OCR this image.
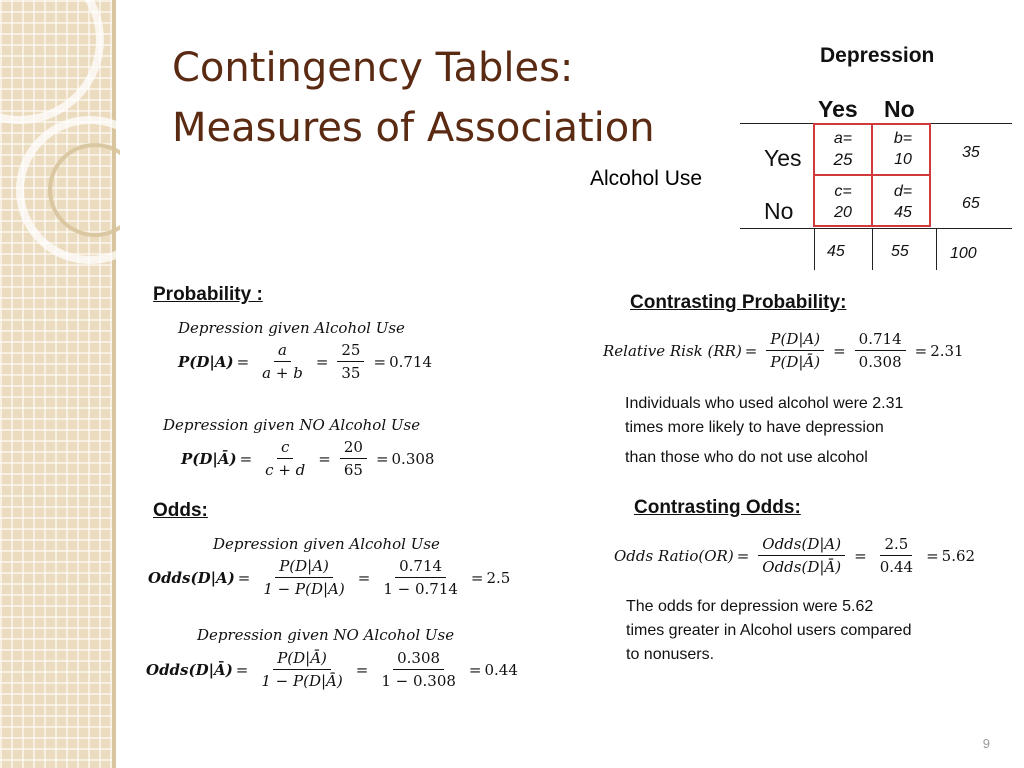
Contingency Tables:
Measures of Association
Depression
Yes No
Alcohol Use
Yes
No
a=
25
b=
10
c=
20
d=
45
35
65
45	55	100
Probability :
Depression given Alcohol Use
$P(D|A) = \frac{a}{a + b} = \frac{25}{35} = 0.714$
Depression given NO Alcohol Use
P(D|Ā) = $\frac{c}{c + d} = \frac{20}{65} = 0.308$
Odds:
Depression given Alcohol Use
Odds(D|A) = $\frac{P(D|A)}{1 - P(D|A)} = \frac{0.714}{1 - 0.714} = 2.5$
Depression given NO Alcohol Use
Odds(D|Ā) = $\frac{P(D|Ā)}{1 - P(D|Ā)} = \frac{0.308}{1 - 0.308} = 0.44$
Contrasting Probability:
Relative Risk $(RR) = \frac{P(D|A)}{P(D|Ā)} = \frac{0.714}{0.308} = 2.31$
Individuals who used alcohol were 2.31
times more likely to have depression
than those who do not use alcohol
Contrasting Odds:
Odds Ratio(OR) = $\frac{\text{Odds(D|A)}}{\text{Odds(D|Ā)}} = \frac{2.5}{0.44} = 5.62$
The odds for depression were 5.62
times greater in Alcohol users compared
to nonusers.
9
